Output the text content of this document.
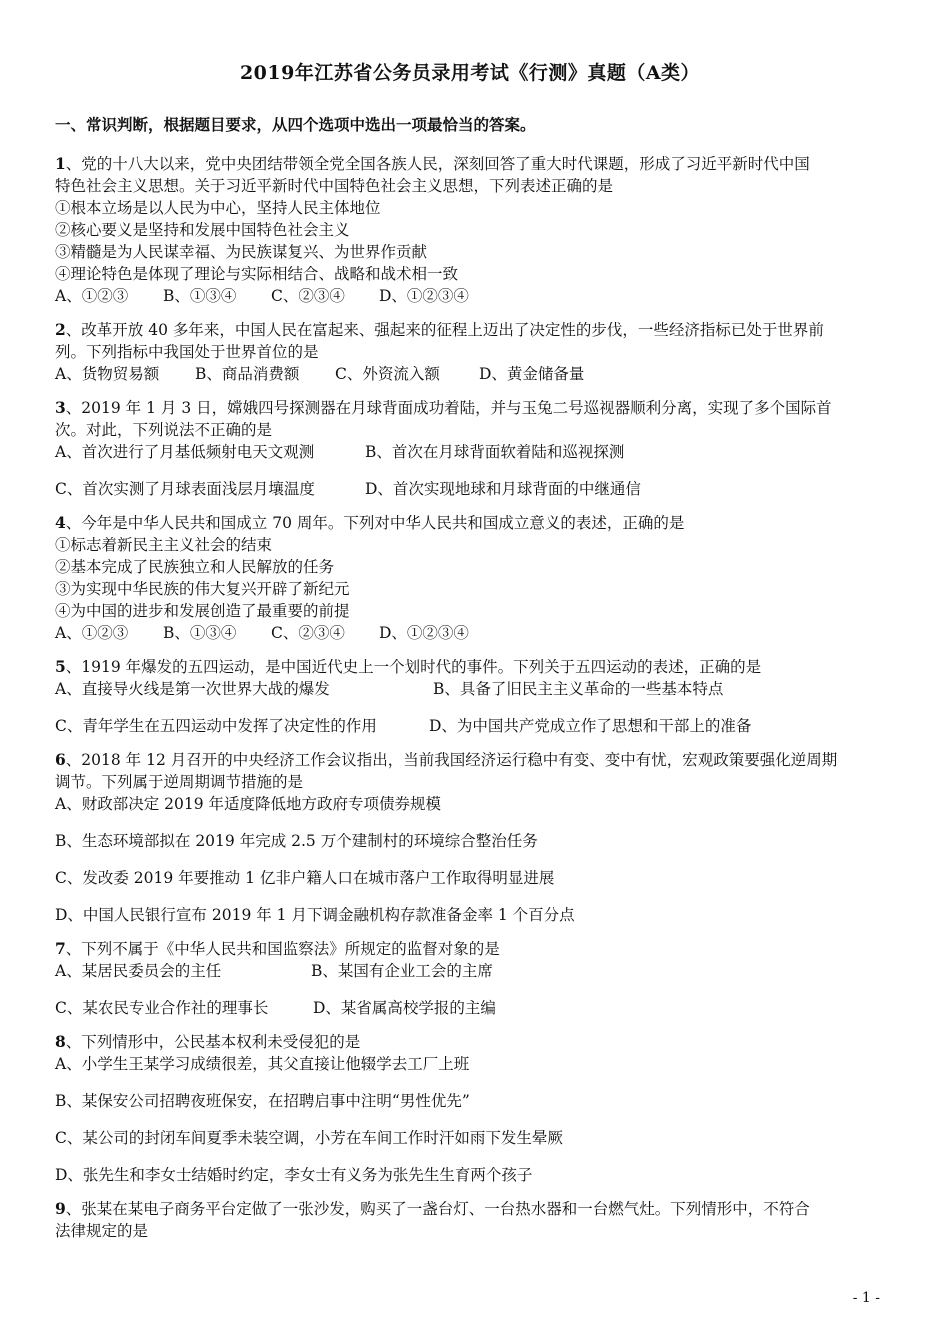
2019年江苏省公务员录用考试《行测》真题（A类）
一、常识判断，根据题目要求，从四个选项中选出一项最恰当的答案。
1、党的十八大以来，党中央团结带领全党全国各族人民，深刻回答了重大时代课题，形成了习近平新时代中国
特色社会主义思想。关于习近平新时代中国特色社会主义思想，下列表述正确的是
①根本立场是以人民为中心，坚持人民主体地位
②核心要义是坚持和发展中国特色社会主义
③精髓是为人民谋幸福、为民族谋复兴、为世界作贡献
④理论特色是体现了理论与实际相结合、战略和战术相一致
A、①②③ B、①③④ C、②③④ D、①②③④
2、改革开放 40 多年来，中国人民在富起来、强起来的征程上迈出了决定性的步伐，一些经济指标已处于世界前
列。下列指标中我国处于世界首位的是
A、货物贸易额 B、商品消费额 C、外资流入额	D、黄金储备量
3、2019 年 1 月 3 日，嫦娥四号探测器在月球背面成功着陆，并与玉兔二号巡视器顺利分离，实现了多个国际首
次。对此，下列说法不正确的是
A、首次进行了月基低频射电天文观测	B、首次在月球背面软着陆和巡视探测
C、首次实测了月球表面浅层月壤温度	D、首次实现地球和月球背面的中继通信
4、今年是中华人民共和国成立 70 周年。下列对中华人民共和国成立意义的表述，正确的是
①标志着新民主主义社会的结束
②基本完成了民族独立和人民解放的任务
③为实现中华民族的伟大复兴开辟了新纪元
④为中国的进步和发展创造了最重要的前提
A、①②③ B、①③④ C、②③④ D、①②③④
5、1919 年爆发的五四运动，是中国近代史上一个划时代的事件。下列关于五四运动的表述，正确的是
A、直接导火线是第一次世界大战的爆发	B、具备了旧民主主义革命的一些基本特点
C、青年学生在五四运动中发挥了决定性的作用	D、为中国共产党成立作了思想和干部上的准备
6、2018 年 12 月召开的中央经济工作会议指出，当前我国经济运行稳中有变、变中有忧，宏观政策要强化逆周期
调节。下列属于逆周期调节措施的是
A、财政部决定 2019 年适度降低地方政府专项债券规模
B、生态环境部拟在 2019 年完成 2.5 万个建制村的环境综合整治任务
C、发改委 2019 年要推动 1 亿非户籍人口在城市落户工作取得明显进展
D、中国人民银行宣布 2019 年 1 月下调金融机构存款准备金率 1 个百分点
7、下列不属于《中华人民共和国监察法》所规定的监督对象的是
A、某居民委员会的主任	B、某国有企业工会的主席
C、某农民专业合作社的理事长	D、某省属高校学报的主编
8、下列情形中，公民基本权利未受侵犯的是
A、小学生王某学习成绩很差，其父直接让他辍学去工厂上班
B、某保安公司招聘夜班保安，在招聘启事中注明“男性优先”
C、某公司的封闭车间夏季未装空调，小芳在车间工作时汗如雨下发生晕厥
D、张先生和李女士结婚时约定，李女士有义务为张先生生育两个孩子
9、张某在某电子商务平台定做了一张沙发，购买了一盏台灯、一台热水器和一台燃气灶。下列情形中，不符合
法律规定的是
- 1 -
